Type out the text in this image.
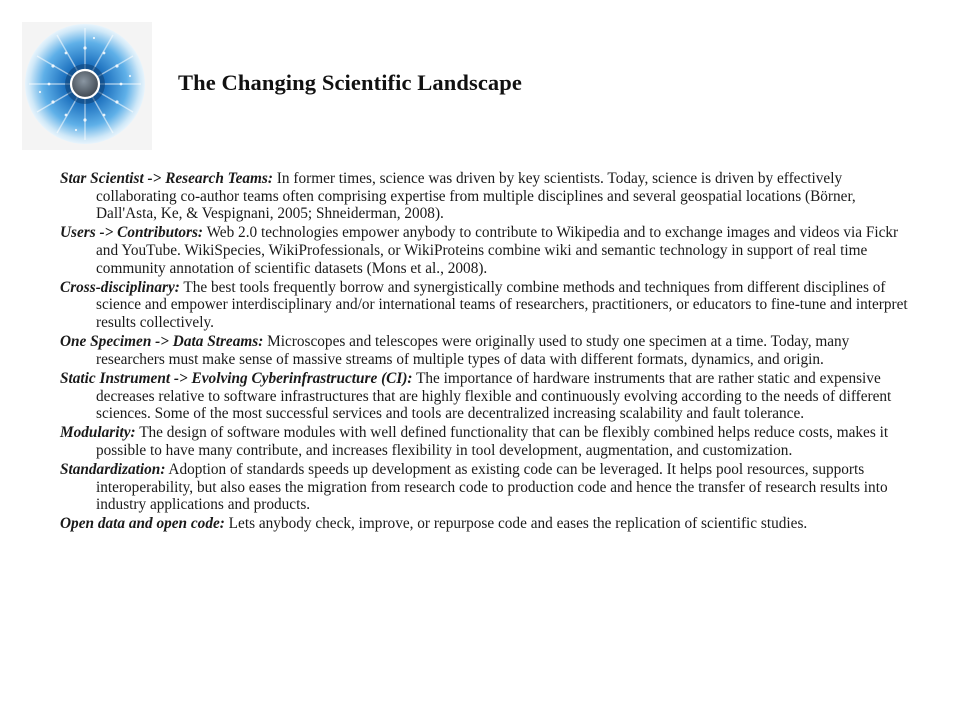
The Changing Scientific Landscape

Star Scientist -> Research Teams: In former times, science was driven by key scientists. Today, science is driven by effectively collaborating co-author teams often comprising expertise from multiple disciplines and several geospatial locations (Börner, Dall'Asta, Ke, & Vespignani, 2005; Shneiderman, 2008).

Users -> Contributors: Web 2.0 technologies empower anybody to contribute to Wikipedia and to exchange images and videos via Fickr and YouTube. WikiSpecies, WikiProfessionals, or WikiProteins combine wiki and semantic technology in support of real time community annotation of scientific datasets (Mons et al., 2008).

Cross-disciplinary: The best tools frequently borrow and synergistically combine methods and techniques from different disciplines of science and empower interdisciplinary and/or international teams of researchers, practitioners, or educators to fine-tune and interpret results collectively.

One Specimen -> Data Streams: Microscopes and telescopes were originally used to study one specimen at a time. Today, many researchers must make sense of massive streams of multiple types of data with different formats, dynamics, and origin.

Static Instrument -> Evolving Cyberinfrastructure (CI): The importance of hardware instruments that are rather static and expensive decreases relative to software infrastructures that are highly flexible and continuously evolving according to the needs of different sciences. Some of the most successful services and tools are decentralized increasing scalability and fault tolerance.

Modularity: The design of software modules with well defined functionality that can be flexibly combined helps reduce costs, makes it possible to have many contribute, and increases flexibility in tool development, augmentation, and customization.

Standardization: Adoption of standards speeds up development as existing code can be leveraged. It helps pool resources, supports interoperability, but also eases the migration from research code to production code and hence the transfer of research results into industry applications and products.

Open data and open code: Lets anybody check, improve, or repurpose code and eases the replication of scientific studies.
